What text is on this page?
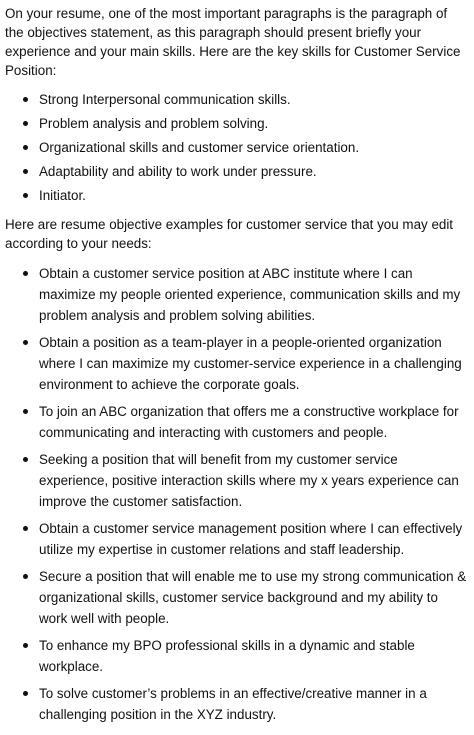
On your resume, one of the most important paragraphs is the paragraph of the objectives statement, as this paragraph should present briefly your experience and your main skills. Here are the key skills for Customer Service Position:

Strong Interpersonal communication skills.
Problem analysis and problem solving.
Organizational skills and customer service orientation.
Adaptability and ability to work under pressure.
Initiator.

Here are resume objective examples for customer service that you may edit according to your needs:

Obtain a customer service position at ABC institute where I can maximize my people oriented experience, communication skills and my problem analysis and problem solving abilities.
Obtain a position as a team-player in a people-oriented organization where I can maximize my customer-service experience in a challenging environment to achieve the corporate goals.
To join an ABC organization that offers me a constructive workplace for communicating and interacting with customers and people.
Seeking a position that will benefit from my customer service experience, positive interaction skills where my x years experience can improve the customer satisfaction.
Obtain a customer service management position where I can effectively utilize my expertise in customer relations and staff leadership.
Secure a position that will enable me to use my strong communication & organizational skills, customer service background and my ability to work well with people.
To enhance my BPO professional skills in a dynamic and stable workplace.
To solve customer’s problems in an effective/creative manner in a challenging position in the XYZ industry.
